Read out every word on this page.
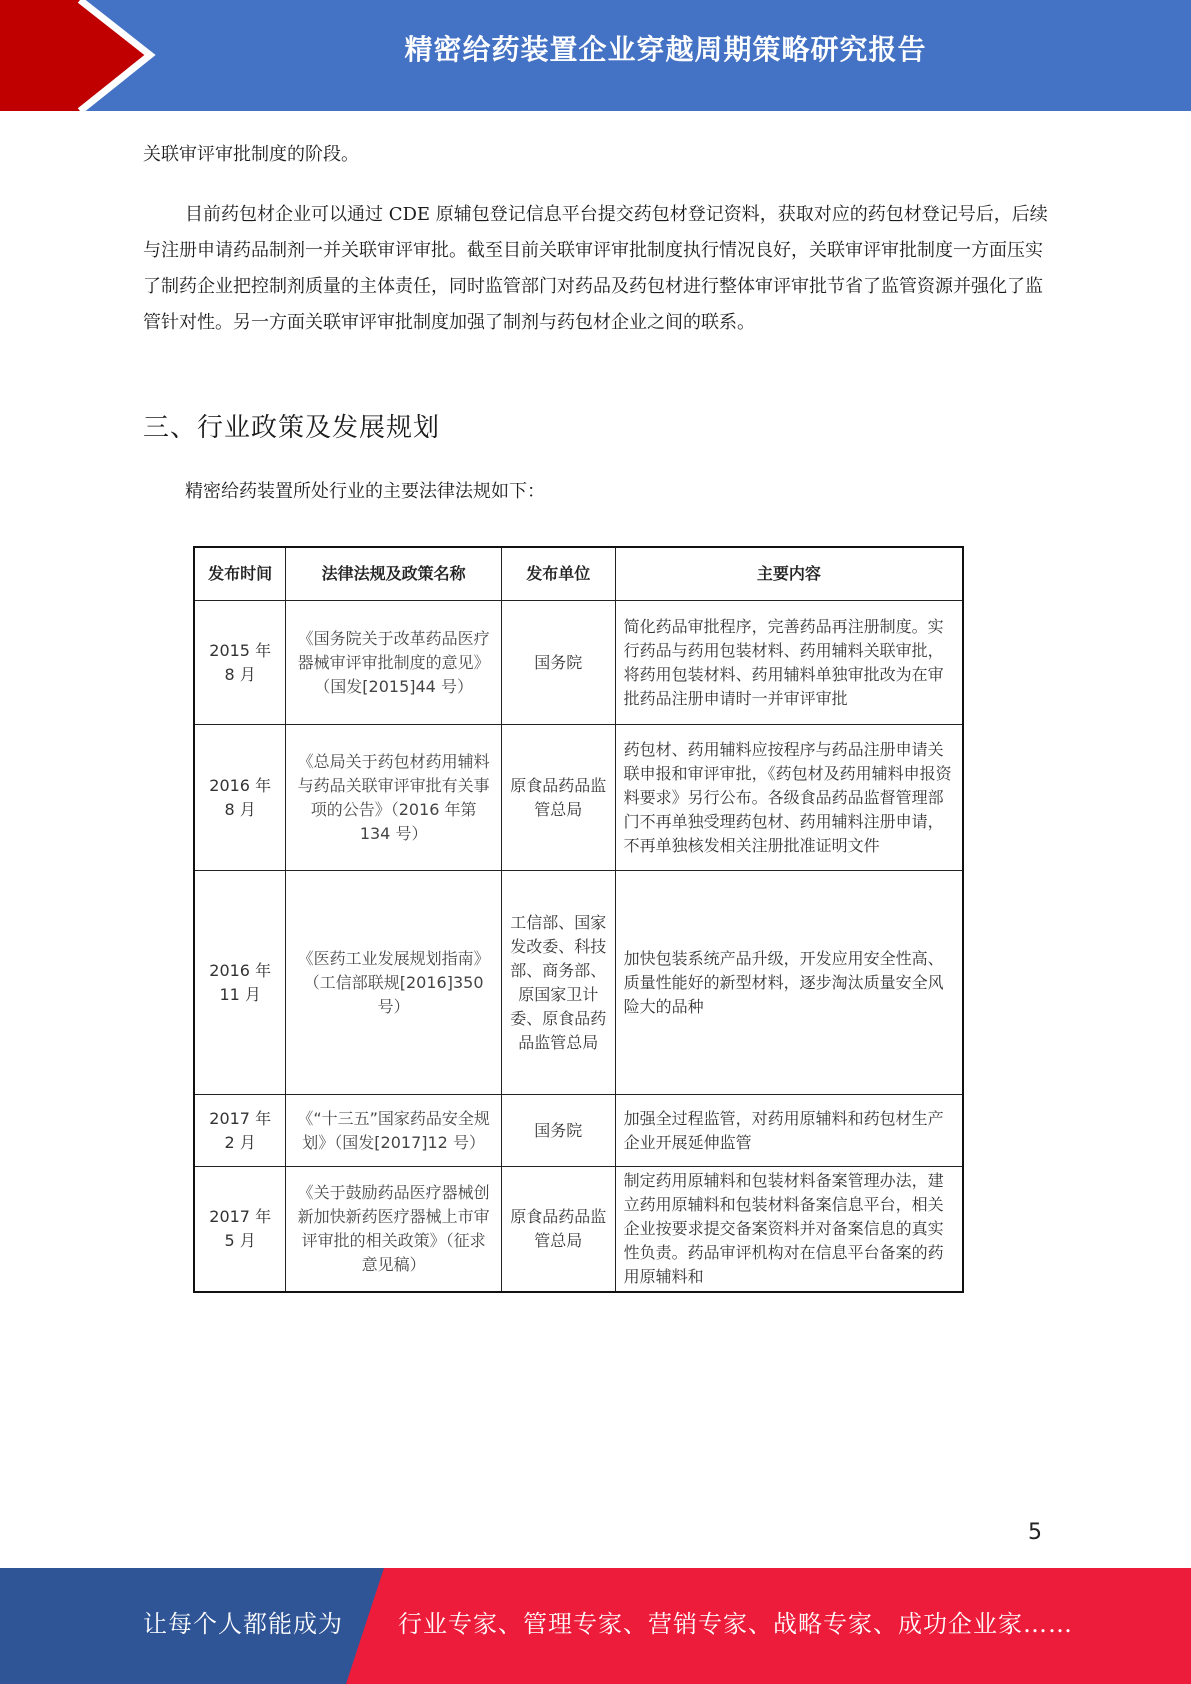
精密给药装置企业穿越周期策略研究报告

关联审评审批制度的阶段。

目前药包材企业可以通过 CDE 原辅包登记信息平台提交药包材登记资料，获取对应的药包材登记号后，后续与注册申请药品制剂一并关联审评审批。截至目前关联审评审批制度执行情况良好，关联审评审批制度一方面压实了制药企业把控制剂质量的主体责任，同时监管部门对药品及药包材进行整体审评审批节省了监管资源并强化了监管针对性。另一方面关联审评审批制度加强了制剂与药包材企业之间的联系。

三、行业政策及发展规划

精密给药装置所处行业的主要法律法规如下：

发布时间	法律法规及政策名称	发布单位	主要内容
2015 年 8 月	《国务院关于改革药品医疗器械审评审批制度的意见》（国发[2015]44 号）	国务院	简化药品审批程序，完善药品再注册制度。实行药品与药用包装材料、药用辅料关联审批，将药用包装材料、药用辅料单独审批改为在审批药品注册申请时一并审评审批
2016 年 8 月	《总局关于药包材药用辅料与药品关联审评审批有关事项的公告》（2016 年第 134 号）	原食品药品监管总局	药包材、药用辅料应按程序与药品注册申请关联申报和审评审批，《药包材及药用辅料申报资料要求》另行公布。各级食品药品监督管理部门不再单独受理药包材、药用辅料注册申请，不再单独核发相关注册批准证明文件
2016 年 11 月	《医药工业发展规划指南》（工信部联规[2016]350 号）	工信部、国家发改委、科技部、商务部、原国家卫计委、原食品药品监管总局	加快包装系统产品升级，开发应用安全性高、质量性能好的新型材料，逐步淘汰质量安全风险大的品种
2017 年 2 月	《“十三五”国家药品安全规划》（国发[2017]12 号）	国务院	加强全过程监管，对药用原辅料和药包材生产企业开展延伸监管
2017 年 5 月	《关于鼓励药品医疗器械创新加快新药医疗器械上市审评审批的相关政策》（征求意见稿）	原食品药品监管总局	制定药用原辅料和包装材料备案管理办法，建立药用原辅料和包装材料备案信息平台，相关企业按要求提交备案资料并对备案信息的真实性负责。药品审评机构对在信息平台备案的药用原辅料和
5
让每个人都能成为 行业专家、管理专家、营销专家、战略专家、成功企业家……
